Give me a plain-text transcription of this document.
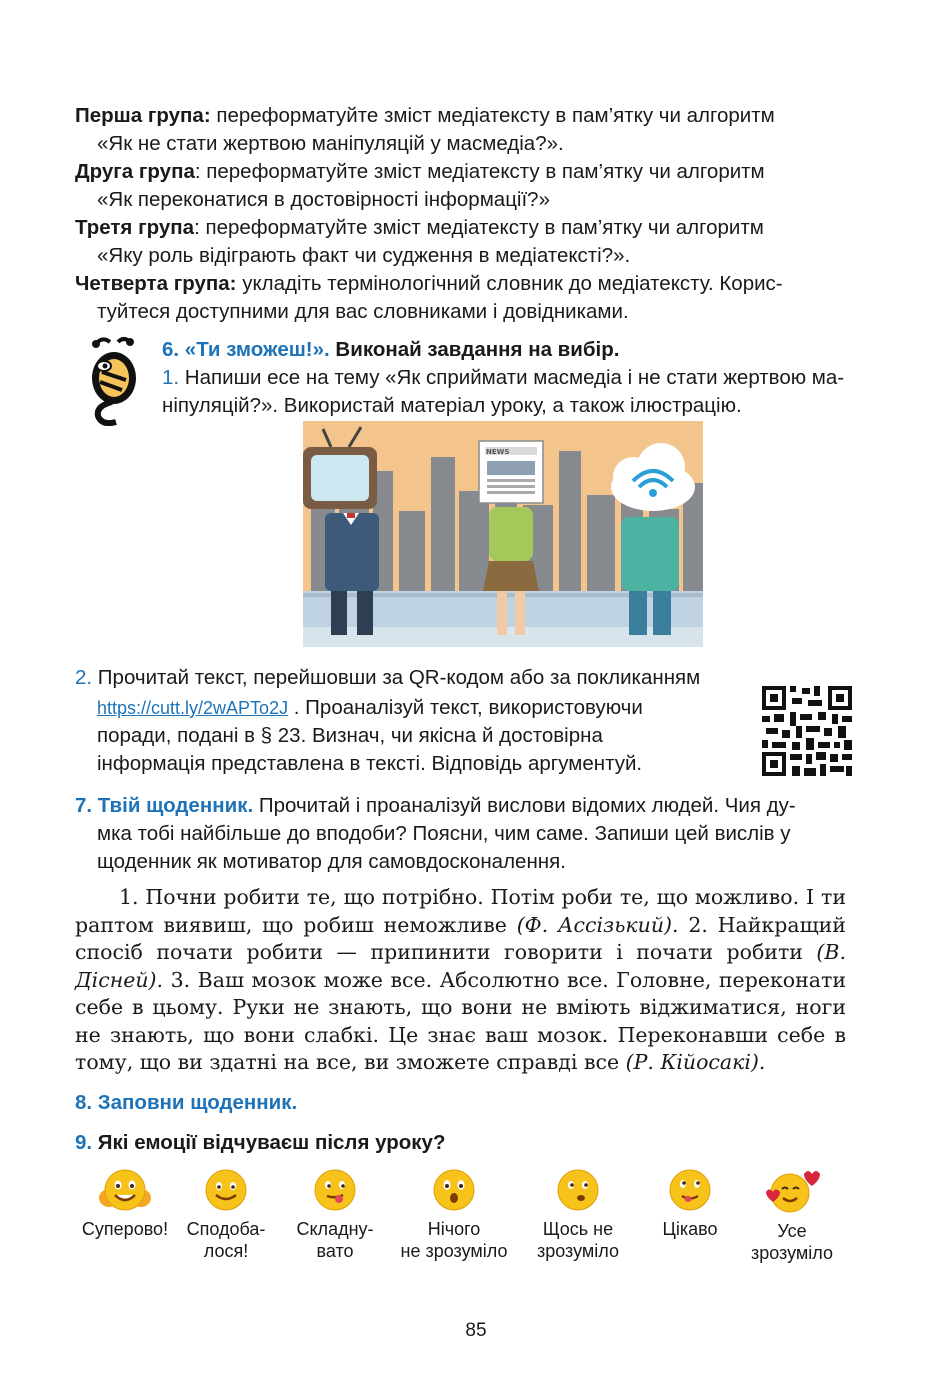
Перша група: переформатуйте зміст медіатексту в пам’ятку чи алгоритм
«Як не стати жертвою маніпуляцій у масмедіа?».
Друга група: переформатуйте зміст медіатексту в пам’ятку чи алгоритм
«Як переконатися в достовірності інформації?»
Третя група: переформатуйте зміст медіатексту в пам’ятку чи алгоритм
«Яку роль відіграють факт чи судження в медіатексті?».
Четверта група: укладіть термінологічний словник до медіатексту. Корис-
туйтеся доступними для вас словниками і довідниками.
6. «Ти зможеш!». Виконай завдання на вибір.
1. Напиши есе на тему «Як сприймати масмедіа і не стати жертвою ма-
ніпуляцій?». Використай матеріал уроку, а також ілюстрацію.
NEWS
2. Прочитай текст, перейшовши за QR-кодом або за покликанням
https://cutt.ly/2wAPTo2J . Проаналізуй текст, використовуючи
поради, подані в § 23. Визнач, чи якісна й достовірна
інформація представлена в тексті. Відповідь аргументуй.
7. Твій щоденник. Прочитай і проаналізуй вислови відомих людей. Чия ду-
мка тобі найбільше до вподоби? Поясни, чим саме. Запиши цей вислів у
щоденник як мотиватор для самовдосконалення.
1. Почни робити те, що потрібно. Потім роби те, що можливо. І ти раптом виявиш, що робиш неможливе (Ф. Ассізький). 2. Найкращий спосіб почати робити — припинити говорити і почати робити (В. Дісней). 3. Ваш мозок може все. Абсолютно все. Головне, переконати себе в цьому. Руки не знають, що вони не вміють віджиматися, ноги не знають, що вони слабкі. Це знає ваш мозок. Переконавши себе в тому, що ви здатні на все, ви зможете справді все (Р. Кійосакі).
8. Заповни щоденник.
9. Які емоції відчуваєш після уроку?
Суперово!	Сподоба-
лося!
Складну-
вато
Нічого
не зрозуміло
Щось не
зрозуміло
Цікаво	Усе
зрозуміло
85
